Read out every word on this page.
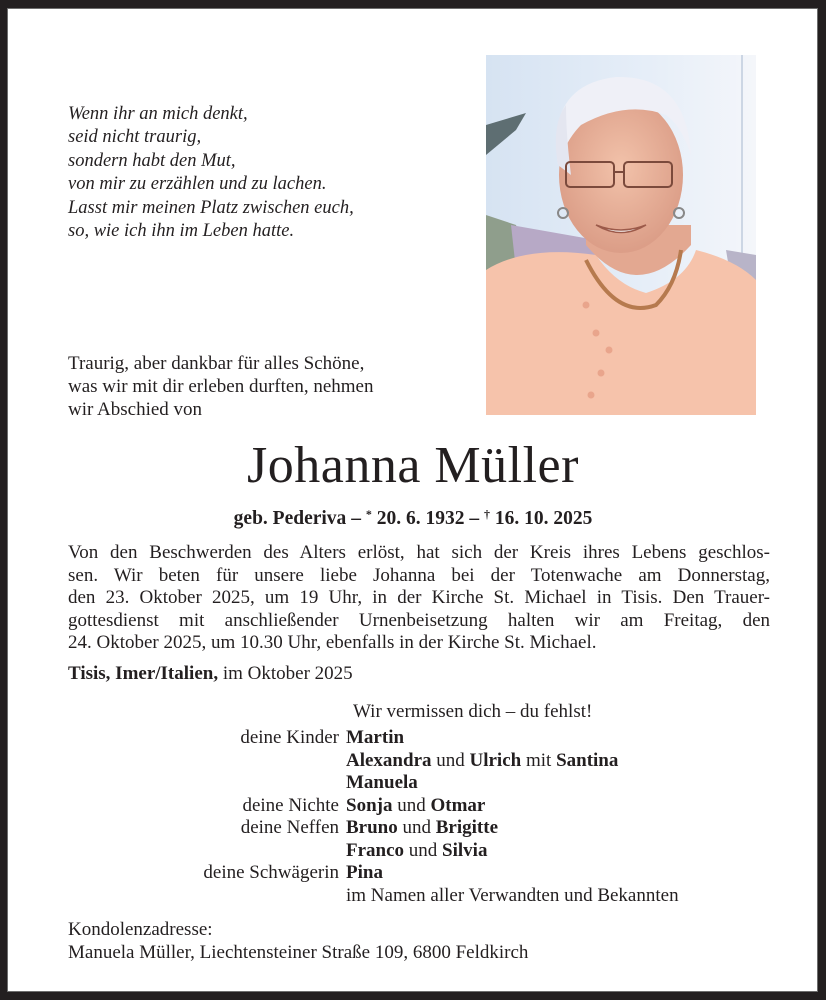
Wenn ihr an mich denkt,
seid nicht traurig,
sondern habt den Mut,
von mir zu erzählen und zu lachen.
Lasst mir meinen Platz zwischen euch,
so, wie ich ihn im Leben hatte.
Traurig, aber dankbar für alles Schöne,
was wir mit dir erleben durften, nehmen
wir Abschied von
Johanna Müller
geb. Pederiva – * 20. 6. 1932 – † 16. 10. 2025
Von den Beschwerden des Alters erlöst, hat sich der Kreis ihres Lebens geschlos-
sen. Wir beten für unsere liebe Johanna bei der Totenwache am Donnerstag,
den 23. Oktober 2025, um 19 Uhr, in der Kirche St. Michael in Tisis. Den Trauer-
gottesdienst mit anschließender Urnenbeisetzung halten wir am Freitag, den
24. Oktober 2025, um 10.30 Uhr, ebenfalls in der Kirche St. Michael.
Tisis, Imer/Italien, im Oktober 2025
Wir vermissen dich – du fehlst!
deine Kinder Martin
Alexandra und Ulrich mit Santina
Manuela
deine Nichte Sonja und Otmar
deine Neffen Bruno und Brigitte
Franco und Silvia
deine Schwägerin Pina
im Namen aller Verwandten und Bekannten
Kondolenzadresse:
Manuela Müller, Liechtensteiner Straße 109, 6800 Feldkirch
